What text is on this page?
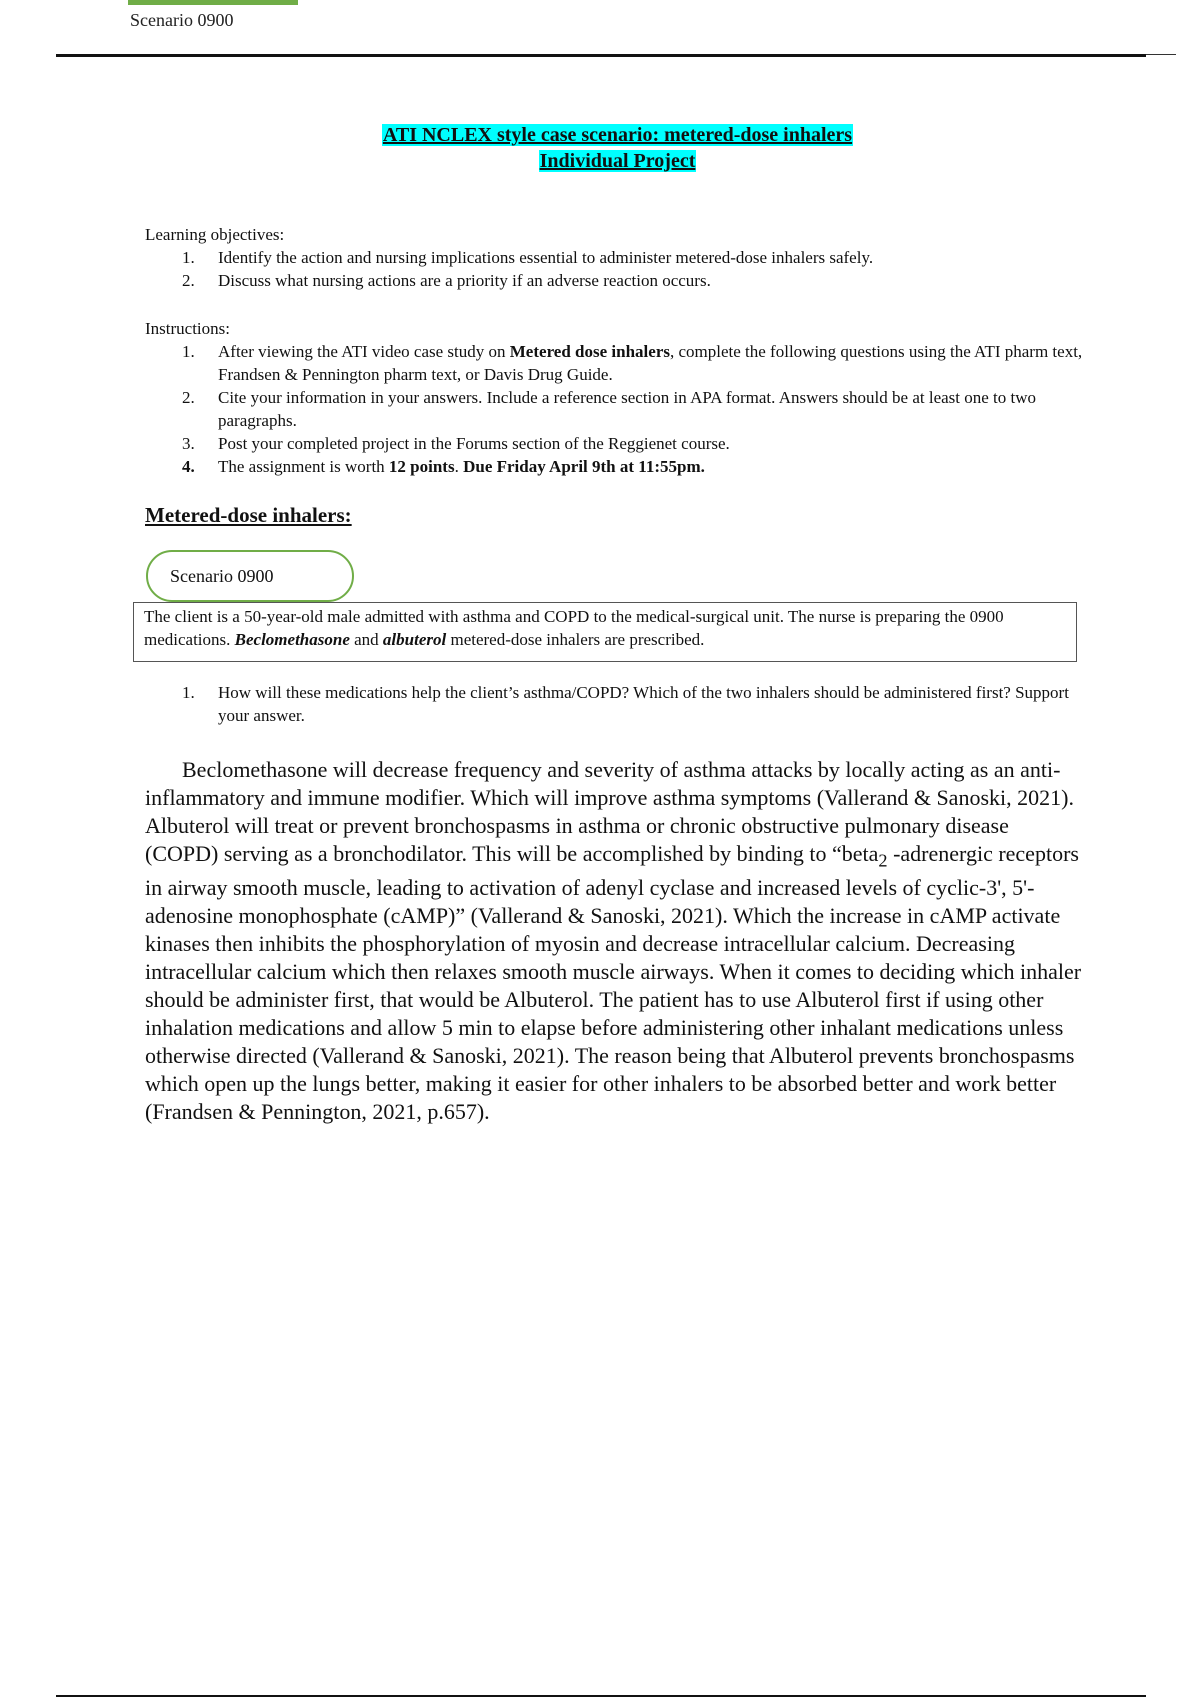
Scenario 0900
ATI NCLEX style case scenario: metered-dose inhalers
Individual Project
Learning objectives:
1. Identify the action and nursing implications essential to administer metered-dose inhalers safely.
2. Discuss what nursing actions are a priority if an adverse reaction occurs.
Instructions:
1. After viewing the ATI video case study on Metered dose inhalers, complete the following questions using the ATI pharm text, Frandsen & Pennington pharm text, or Davis Drug Guide.
2. Cite your information in your answers. Include a reference section in APA format. Answers should be at least one to two paragraphs.
3. Post your completed project in the Forums section of the Reggienet course.
4. The assignment is worth 12 points. Due Friday April 9th at 11:55pm.
Metered-dose inhalers:
Scenario 0900
The client is a 50-year-old male admitted with asthma and COPD to the medical-surgical unit. The nurse is preparing the 0900 medications. Beclomethasone and albuterol metered-dose inhalers are prescribed.
1. How will these medications help the client’s asthma/COPD? Which of the two inhalers should be administered first? Support your answer.

Beclomethasone will decrease frequency and severity of asthma attacks by locally acting as an anti-inflammatory and immune modifier. Which will improve asthma symptoms (Vallerand & Sanoski, 2021). Albuterol will treat or prevent bronchospasms in asthma or chronic obstructive pulmonary disease (COPD) serving as a bronchodilator. This will be accomplished by binding to “beta$_2$ -adrenergic receptors in airway smooth muscle, leading to activation of adenyl cyclase and increased levels of cyclic-3', 5'-adenosine monophosphate (cAMP)” (Vallerand & Sanoski, 2021). Which the increase in cAMP activate kinases then inhibits the phosphorylation of myosin and decrease intracellular calcium. Decreasing intracellular calcium which then relaxes smooth muscle airways. When it comes to deciding which inhaler should be administer first, that would be Albuterol. The patient has to use Albuterol first if using other inhalation medications and allow 5 min to elapse before administering other inhalant medications unless otherwise directed (Vallerand & Sanoski, 2021). The reason being that Albuterol prevents bronchospasms which open up the lungs better, making it easier for other inhalers to be absorbed better and work better (Frandsen & Pennington, 2021, p.657).
